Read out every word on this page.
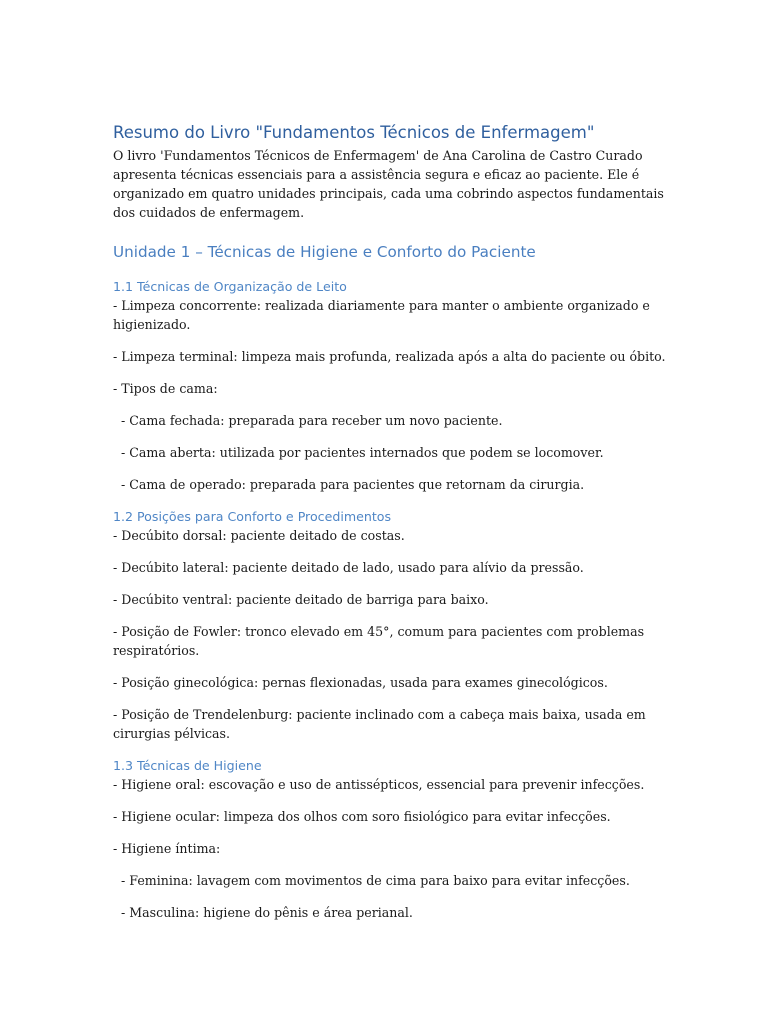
Resumo do Livro "Fundamentos Técnicos de Enfermagem"

O livro 'Fundamentos Técnicos de Enfermagem' de Ana Carolina de Castro Curado apresenta técnicas essenciais para a assistência segura e eficaz ao paciente. Ele é organizado em quatro unidades principais, cada uma cobrindo aspectos fundamentais dos cuidados de enfermagem.

Unidade 1 – Técnicas de Higiene e Conforto do Paciente
1.1 Técnicas de Organização de Leito

- Limpeza concorrente: realizada diariamente para manter o ambiente organizado e higienizado.

- Limpeza terminal: limpeza mais profunda, realizada após a alta do paciente ou óbito.

- Tipos de cama:

- Cama fechada: preparada para receber um novo paciente.

- Cama aberta: utilizada por pacientes internados que podem se locomover.

- Cama de operado: preparada para pacientes que retornam da cirurgia.

1.2 Posições para Conforto e Procedimentos

- Decúbito dorsal: paciente deitado de costas.

- Decúbito lateral: paciente deitado de lado, usado para alívio da pressão.

- Decúbito ventral: paciente deitado de barriga para baixo.

- Posição de Fowler: tronco elevado em 45°, comum para pacientes com problemas respiratórios.

- Posição ginecológica: pernas flexionadas, usada para exames ginecológicos.

- Posição de Trendelenburg: paciente inclinado com a cabeça mais baixa, usada em cirurgias pélvicas.

1.3 Técnicas de Higiene

- Higiene oral: escovação e uso de antissépticos, essencial para prevenir infecções.

- Higiene ocular: limpeza dos olhos com soro fisiológico para evitar infecções.

- Higiene íntima:

- Feminina: lavagem com movimentos de cima para baixo para evitar infecções.

- Masculina: higiene do pênis e área perianal.
